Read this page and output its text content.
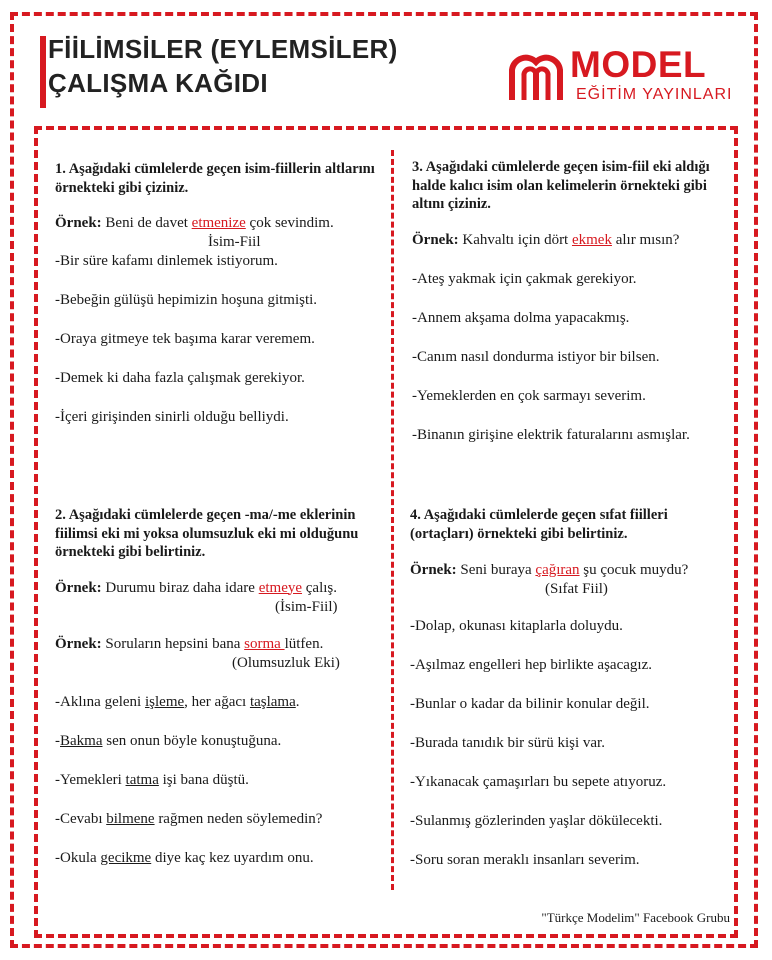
FİİLİMSİLER (EYLEMSİLER)
ÇALIŞMA KAĞIDI	MODEL
EĞİTİM YAYINLARI

1. Aşağıdaki cümlelerde geçen isim-fiillerin altlarını örnekteki gibi çiziniz.

Örnek: Beni de davet etmenize çok sevindim.

İsim-Fiil

-Bir süre kafamı dinlemek istiyorum.

-Bebeğin gülüşü hepimizin hoşuna gitmişti.

-Oraya gitmeye tek başıma karar veremem.

-Demek ki daha fazla çalışmak gerekiyor.

-İçeri girişinden sinirli olduğu belliydi.

2. Aşağıdaki cümlelerde geçen -ma/-me eklerinin fiilimsi eki mi yoksa olumsuzluk eki mi olduğunu örnekteki gibi belirtiniz.

Örnek: Durumu biraz daha idare etmeye çalış.

(İsim-Fiil)

Örnek: Soruların hepsini bana sorma lütfen.

(Olumsuzluk Eki)

-Aklına geleni işleme, her ağacı taşlama.

-Bakma sen onun böyle konuştuğuna.

-Yemekleri tatma işi bana düştü.

-Cevabı bilmene rağmen neden söylemedin?

-Okula gecikme diye kaç kez uyardım onu.

3. Aşağıdaki cümlelerde geçen isim-fiil eki aldığı halde kalıcı isim olan kelimelerin örnekteki gibi altını çiziniz.

Örnek: Kahvaltı için dört ekmek alır mısın?

-Ateş yakmak için çakmak gerekiyor.

-Annem akşama dolma yapacakmış.

-Canım nasıl dondurma istiyor bir bilsen.

-Yemeklerden en çok sarmayı severim.

-Binanın girişine elektrik faturalarını asmışlar.

4. Aşağıdaki cümlelerde geçen sıfat fiilleri (ortaçları) örnekteki gibi belirtiniz.

Örnek: Seni buraya çağıran şu çocuk muydu?

(Sıfat Fiil)

-Dolap, okunası kitaplarla doluydu.

-Aşılmaz engelleri hep birlikte aşacagız.

-Bunlar o kadar da bilinir konular değil.

-Burada tanıdık bir sürü kişi var.

-Yıkanacak çamaşırları bu sepete atıyoruz.

-Sulanmış gözlerinden yaşlar dökülecekti.

-Soru soran meraklı insanları severim.

"Türkçe Modelim" Facebook Grubu
